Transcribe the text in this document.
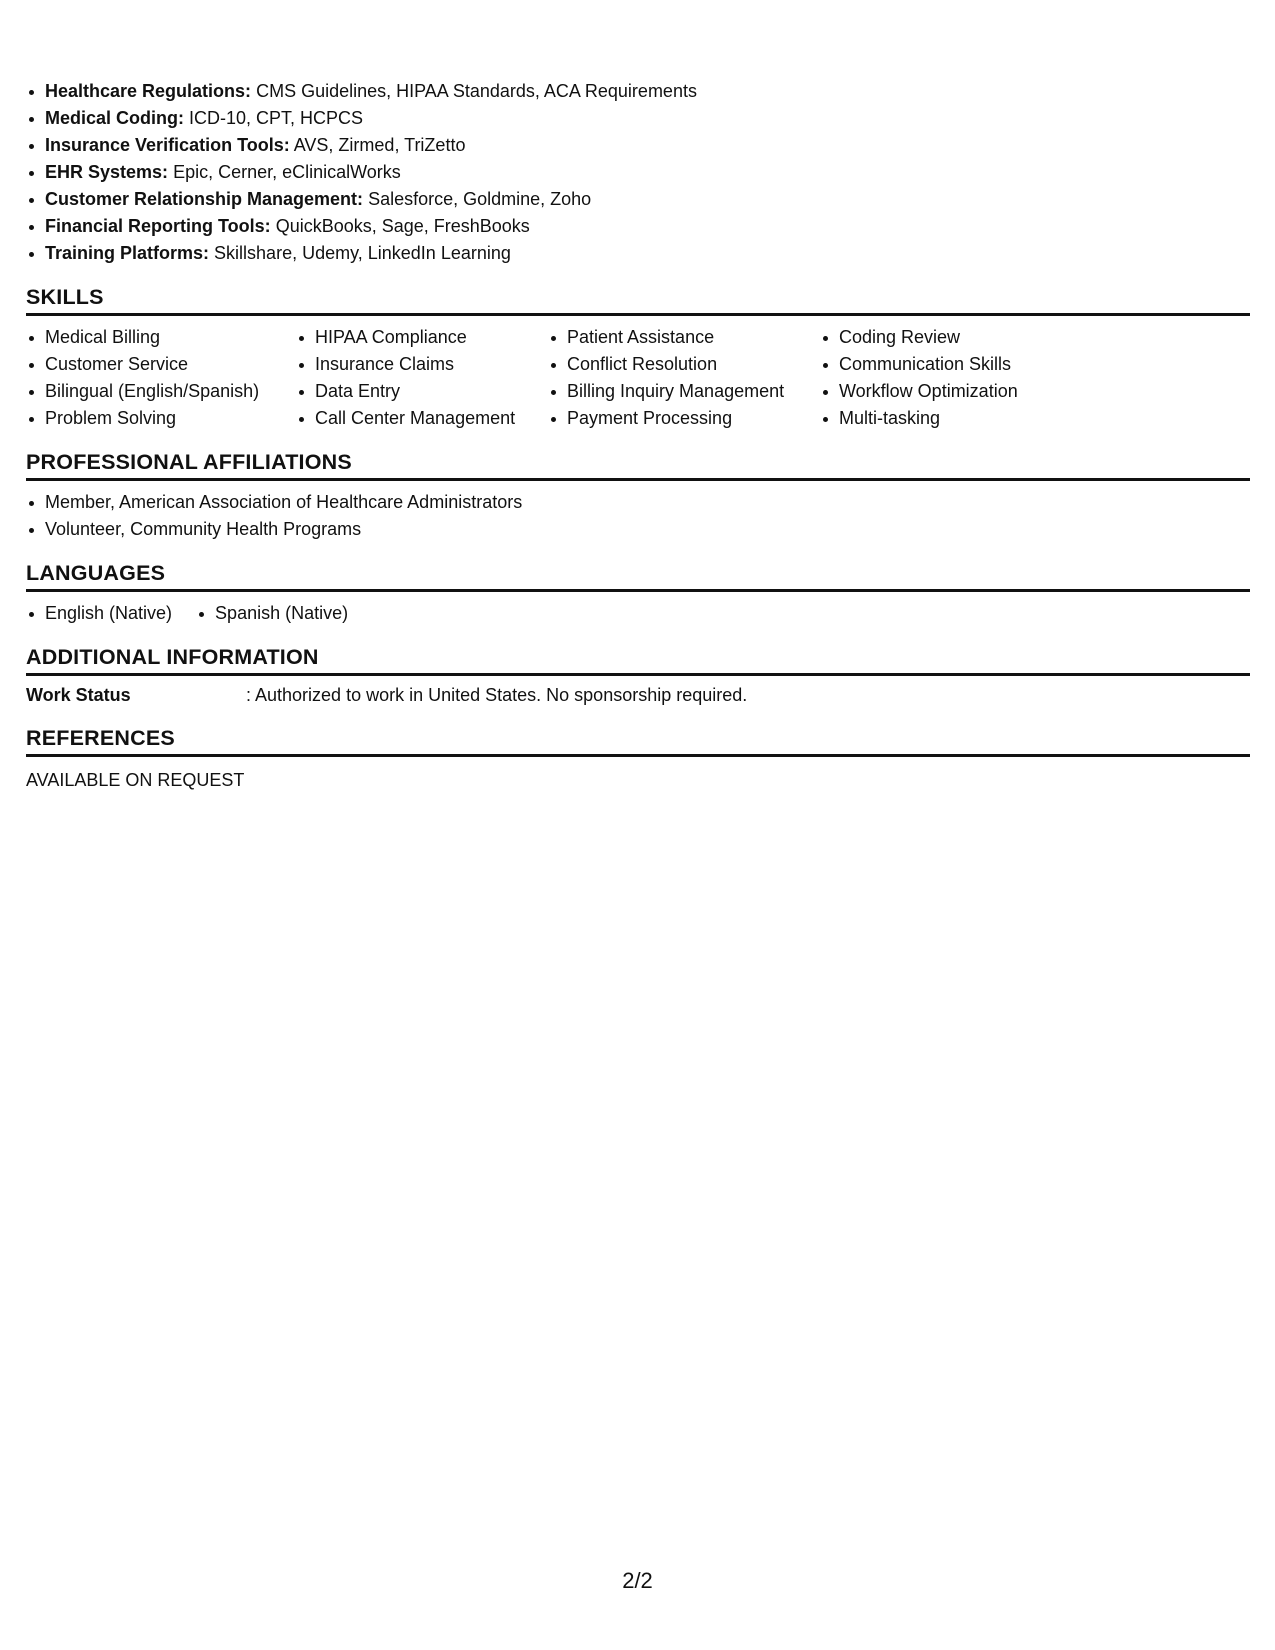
Healthcare Regulations: CMS Guidelines, HIPAA Standards, ACA Requirements
Medical Coding: ICD-10, CPT, HCPCS
Insurance Verification Tools: AVS, Zirmed, TriZetto
EHR Systems: Epic, Cerner, eClinicalWorks
Customer Relationship Management: Salesforce, Goldmine, Zoho
Financial Reporting Tools: QuickBooks, Sage, FreshBooks
Training Platforms: Skillshare, Udemy, LinkedIn Learning
SKILLS
Medical Billing
Customer Service
Bilingual (English/Spanish)
Problem Solving
HIPAA Compliance
Insurance Claims
Data Entry
Call Center Management
Patient Assistance
Conflict Resolution
Billing Inquiry Management
Payment Processing
Coding Review
Communication Skills
Workflow Optimization
Multi-tasking
PROFESSIONAL AFFILIATIONS
Member, American Association of Healthcare Administrators
Volunteer, Community Health Programs
LANGUAGES
English (Native)	Spanish (Native)
ADDITIONAL INFORMATION
Work Status	: Authorized to work in United States. No sponsorship required.
REFERENCES
AVAILABLE ON REQUEST
2/2
